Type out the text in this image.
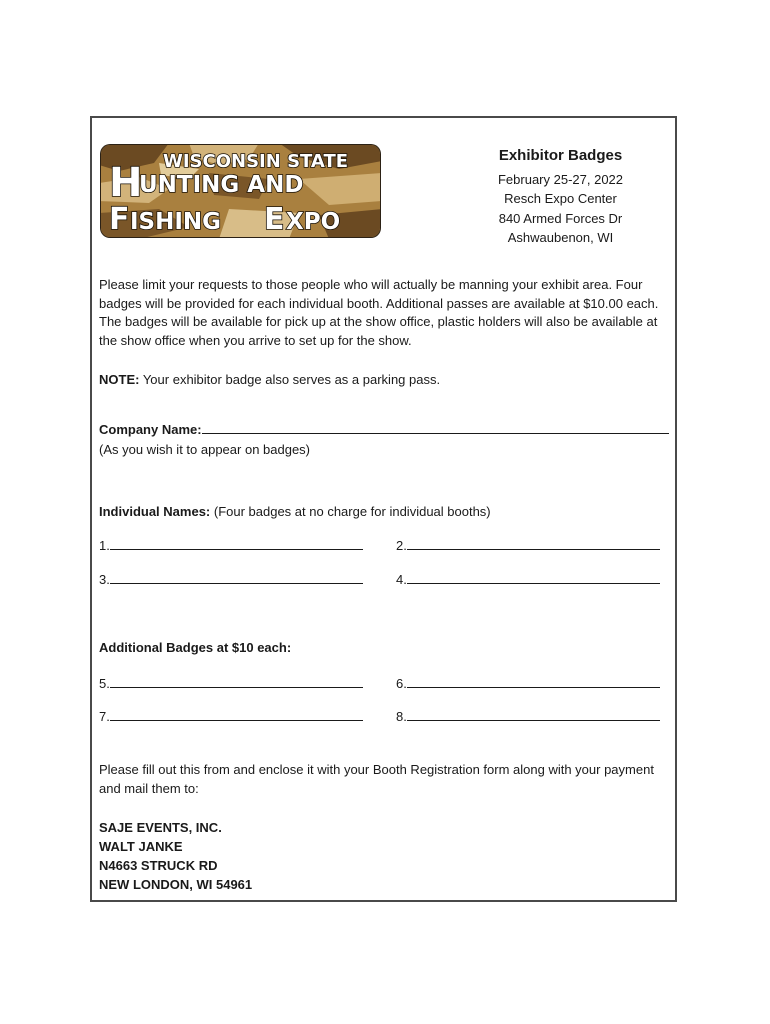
WISCONSIN STATE
H
UNTING AND
F ISHING E XPO
Exhibitor Badges
February 25-27, 2022
Resch Expo Center
840 Armed Forces Dr
Ashwaubenon, WI
Please limit your requests to those people who will actually be manning your exhibit area. Four badges will be provided for each individual booth. Additional passes are available at $10.00 each. The badges will be available for pick up at the show office, plastic holders will also be available at the show office when you arrive to set up for the show.
NOTE: Your exhibitor badge also serves as a parking pass.
Company Name:
(As you wish it to appear on badges)
Individual Names: (Four badges at no charge for individual booths)
1.	2.
3.	4.
Additional Badges at $10 each:
5.	6.
7.	8.
Please fill out this from and enclose it with your Booth Registration form along with your payment and mail them to:
SAJE EVENTS, INC.
WALT JANKE
N4663 STRUCK RD
NEW LONDON, WI 54961
